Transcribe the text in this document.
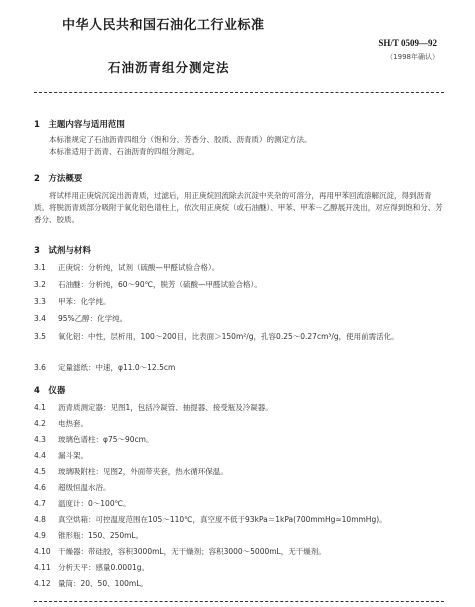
中华人民共和国石油化工行业标准
SH/T 0509—92
（1998年确认）
石油沥青组分测定法
1　主题内容与适用范围

本标准规定了石油沥青四组分（饱和分、芳香分、胶质、沥青质）的测定方法。

本标准适用于沥青、石油沥青的四组分测定。

2　方法概要

将试样用正庚烷沉淀出沥青质，过滤后，用正庚烷回流除去沉淀中夹杂的可溶分，再用甲苯回流溶解沉淀，得到沥青质。将脱沥青质部分吸附于氧化铝色谱柱上，依次用正庚烷（或石油醚）、甲苯、甲苯－乙醇展开洗出，对应得到饱和分、芳香分、胶质。

3　试剂与材料
3.1 正庚烷：分析纯，试剂（硫酸—甲醛试验合格）。
3.2 石油醚：分析纯，60～90℃，脱芳（硫酸—甲醛试验合格）。
3.3 甲苯：化学纯。
3.4 95%乙醇：化学纯。
3.5 氧化铝：中性，层析用，100～200目，比表面＞150m²/g，孔容0.25～0.27cm³/g，使用前需活化。
3.6 定量滤纸：中速，φ11.0～12.5cm
4　仪器
4.1 沥青质测定器：见图1，包括冷凝管、抽提器、接受瓶及冷凝器。
4.2 电热套。
4.3 玻璃色谱柱：φ75～90cm。
4.4 漏斗架。
4.5 玻璃吸附柱：见图2，外面带夹套，热水循环保温。
4.6 超级恒温水浴。
4.7 温度计：0～100℃。
4.8 真空烘箱：可控温度范围在105～110℃，真空度不低于93kPa＝1kPa(700mmHg≈10mmHg)。
4.9 锥形瓶：150、250mL。
4.10 干燥器：带硅胶，容积3000mL，无干燥剂；容积3000～5000mL，无干燥剂。
4.11 分析天平：感量0.0001g。
4.12 量筒：20、50、100mL。
